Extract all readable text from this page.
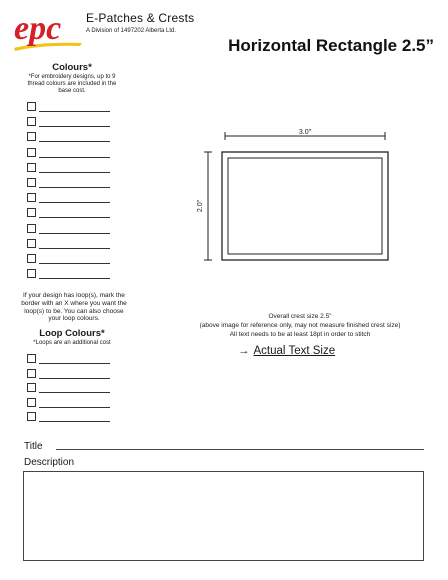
epc E-Patches & Crests
A Division of 1497202 Alberta Ltd.
Horizontal Rectangle 2.5”
Colours*
*For embroidery designs, up to 9 thread colours are included in the base cost.
If your design has loop(s), mark the border with an X where you want the loop(s) to be. You can also choose your loop colours.
Loop Colours*
*Loops are an additional cost
3.0"
2.0"
Overall crest size 2.5"
(above image for reference only, may not measure finished crest size)
All text needs to be at least 18pt in order to stitch
→ Actual Text Size
Title
Description
